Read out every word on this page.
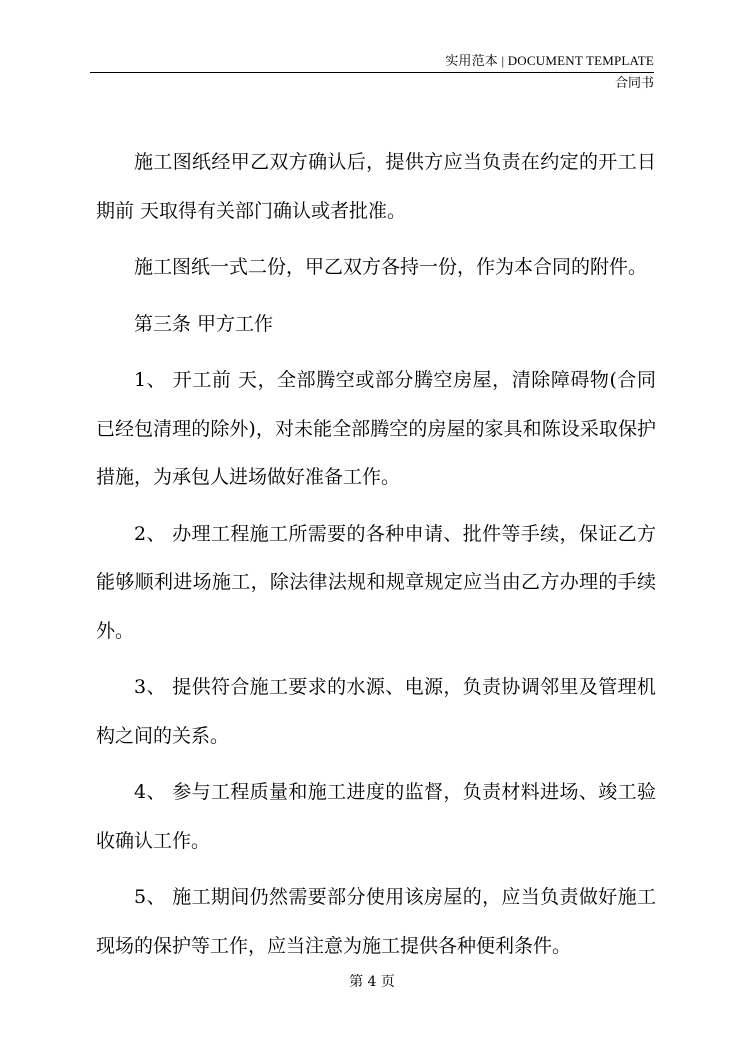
实用范本 | DOCUMENT TEMPLATE
合同书

施工图纸经甲乙双方确认后，提供方应当负责在约定的开工日期前 天取得有关部门确认或者批准。

施工图纸一式二份，甲乙双方各持一份，作为本合同的附件。

第三条 甲方工作

1、 开工前 天，全部腾空或部分腾空房屋，清除障碍物(合同已经包清理的除外)，对未能全部腾空的房屋的家具和陈设采取保护措施，为承包人进场做好准备工作。

2、 办理工程施工所需要的各种申请、批件等手续，保证乙方能够顺利进场施工，除法律法规和规章规定应当由乙方办理的手续外。

3、 提供符合施工要求的水源、电源，负责协调邻里及管理机构之间的关系。

4、 参与工程质量和施工进度的监督，负责材料进场、竣工验收确认工作。

5、 施工期间仍然需要部分使用该房屋的，应当负责做好施工现场的保护等工作，应当注意为施工提供各种便利条件。

第 4 页
